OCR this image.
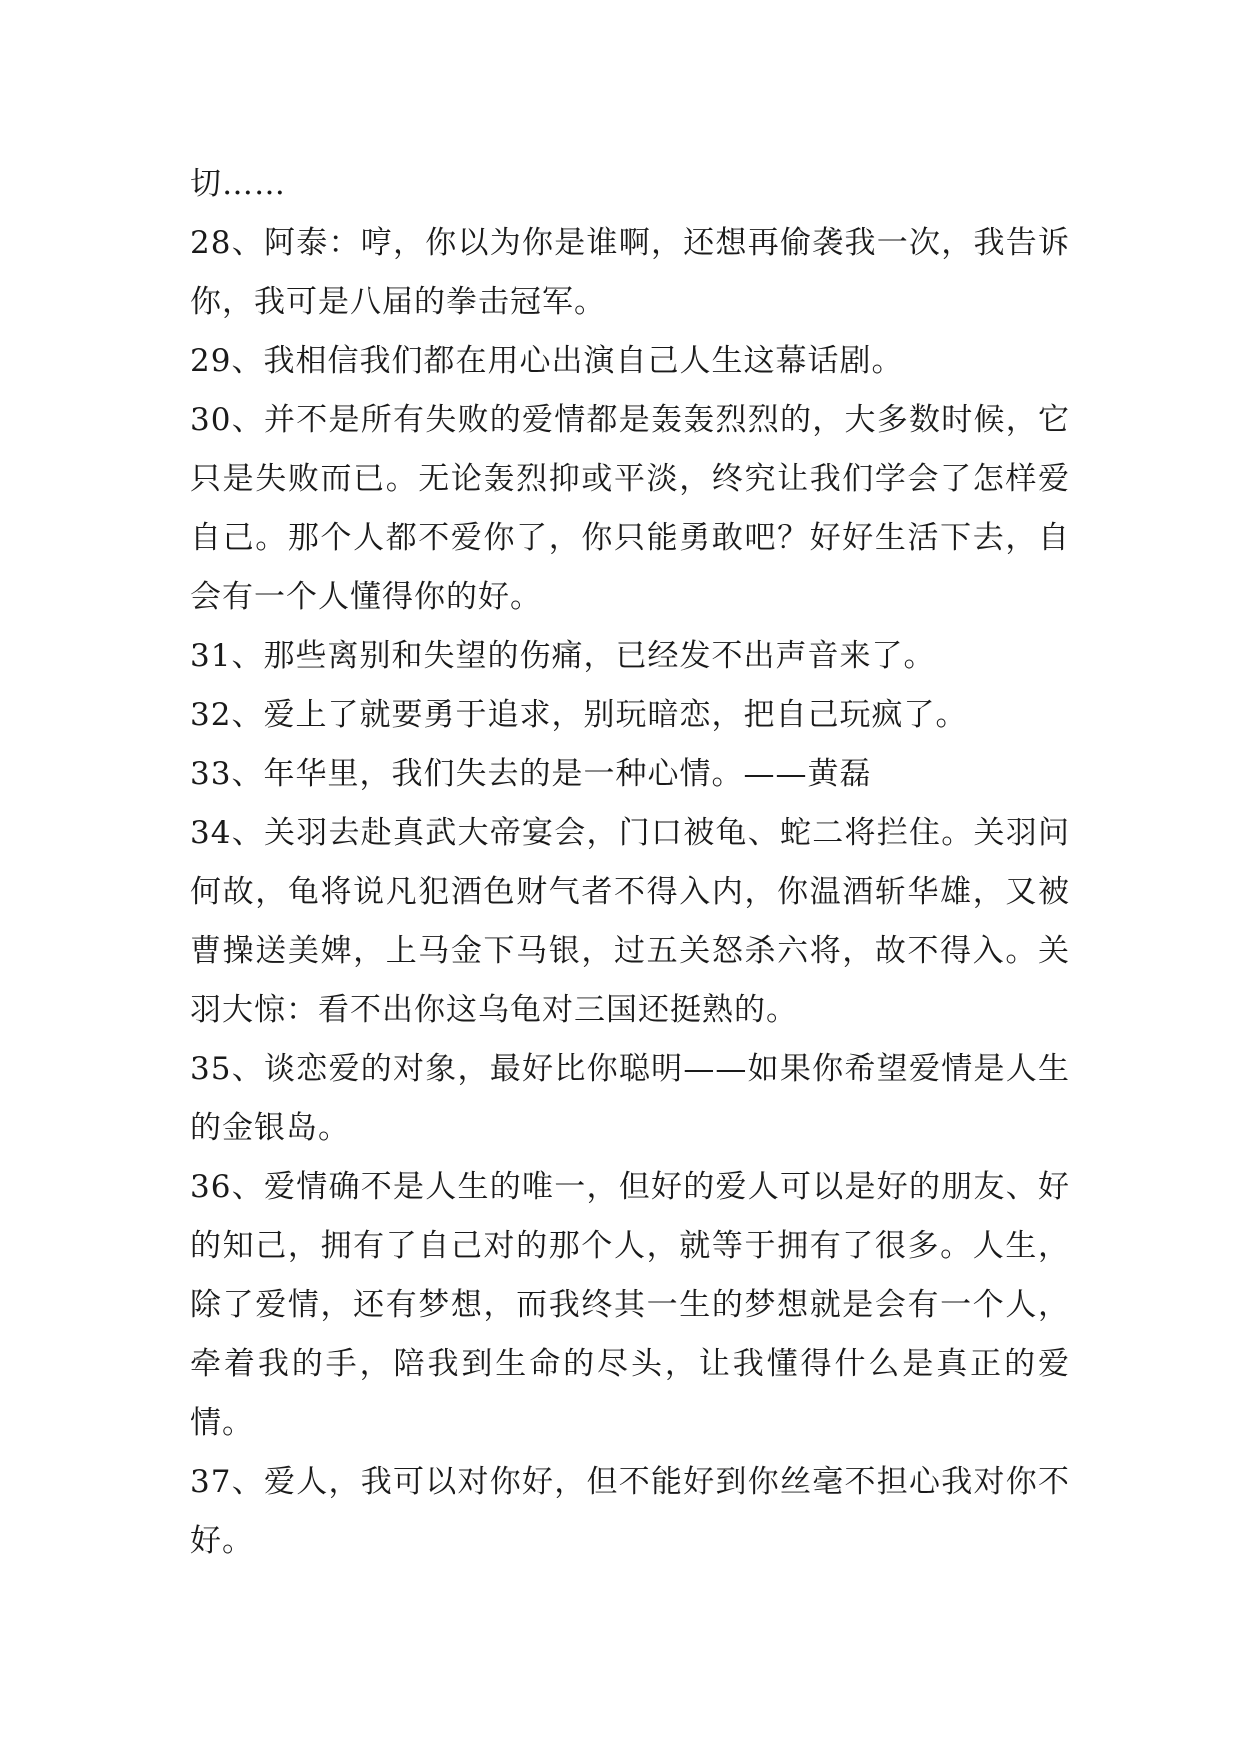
切……

28、阿泰：哼，你以为你是谁啊，还想再偷袭我一次，我告诉你，我可是八届的拳击冠军。

29、我相信我们都在用心出演自己人生这幕话剧。

30、并不是所有失败的爱情都是轰轰烈烈的，大多数时候，它只是失败而已。无论轰烈抑或平淡，终究让我们学会了怎样爱自己。那个人都不爱你了，你只能勇敢吧？好好生活下去，自会有一个人懂得你的好。

31、那些离别和失望的伤痛，已经发不出声音来了。

32、爱上了就要勇于追求，别玩暗恋，把自己玩疯了。

33、年华里，我们失去的是一种心情。——黄磊

34、关羽去赴真武大帝宴会，门口被龟、蛇二将拦住。关羽问何故，龟将说凡犯酒色财气者不得入内，你温酒斩华雄，又被曹操送美婢，上马金下马银，过五关怒杀六将，故不得入。关羽大惊：看不出你这乌龟对三国还挺熟的。

35、谈恋爱的对象，最好比你聪明——如果你希望爱情是人生的金银岛。

36、爱情确不是人生的唯一，但好的爱人可以是好的朋友、好的知己，拥有了自己对的那个人，就等于拥有了很多。人生，除了爱情，还有梦想，而我终其一生的梦想就是会有一个人，牵着我的手，陪我到生命的尽头，让我懂得什么是真正的爱情。

37、爱人，我可以对你好，但不能好到你丝毫不担心我对你不好。
